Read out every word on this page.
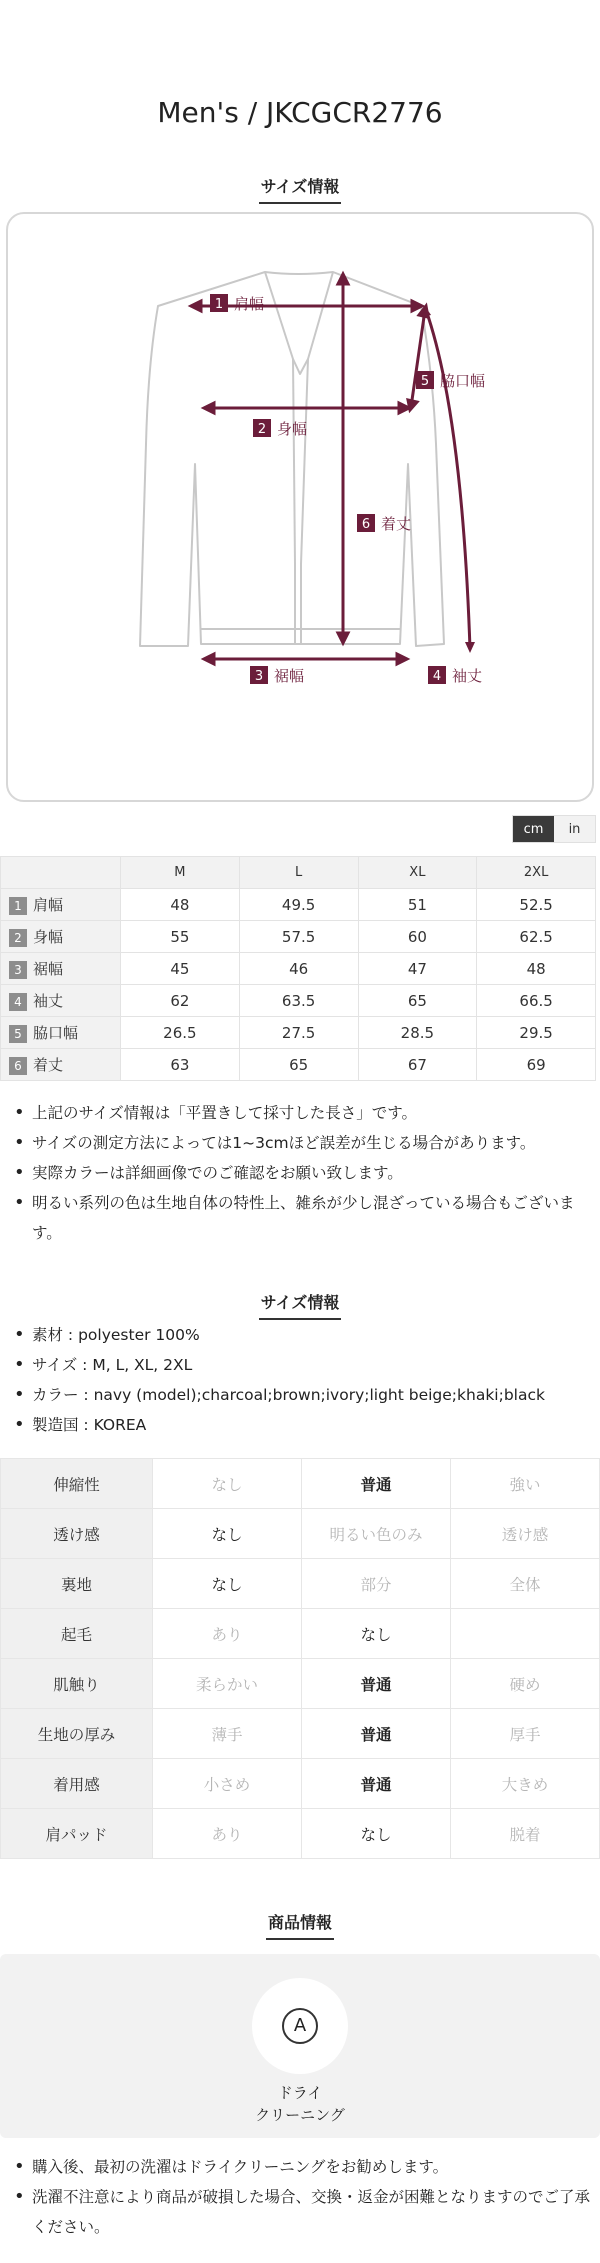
Men's / JKCGCR2776
サイズ情報
1 肩幅
2 身幅
3 裾幅	4 袖丈
5 脇口幅
6 着丈
cm	in
	M	L	XL	2XL
1 肩幅	48	49.5	51	52.5
2 身幅	55	57.5	60	62.5
3 裾幅	45	46	47	48
4 袖丈	62	63.5	65	66.5
5 脇口幅	26.5	27.5	28.5	29.5
6 着丈	63	65	67	69
• 上記のサイズ情報は「平置きして採寸した長さ」です。
• サイズの測定方法によっては1~3cmほど誤差が生じる場合があります。
• 実際カラーは詳細画像でのご確認をお願い致します。
• 明るい系列の色は生地自体の特性上、雑糸が少し混ざっている場合もございます。
サイズ情報
• 素材 : polyester 100%
• サイズ : M, L, XL, 2XL
• カラー : navy (model);charcoal;brown;ivory;light beige;khaki;black
• 製造国 : KOREA
伸縮性	なし	普通	強い
透け感	なし	明るい色のみ	透け感
裏地	なし	部分	全体
起毛	あり	なし	
肌触り	柔らかい	普通	硬め
生地の厚み	薄手	普通	厚手
着用感	小さめ	普通	大きめ
肩パッド	あり	なし	脱着
商品情報
A
ドライ
クリーニング
• 購入後、最初の洗濯はドライクリーニングをお勧めします。
• 洗濯不注意により商品が破損した場合、交換・返金が困難となりますのでご了承ください。
